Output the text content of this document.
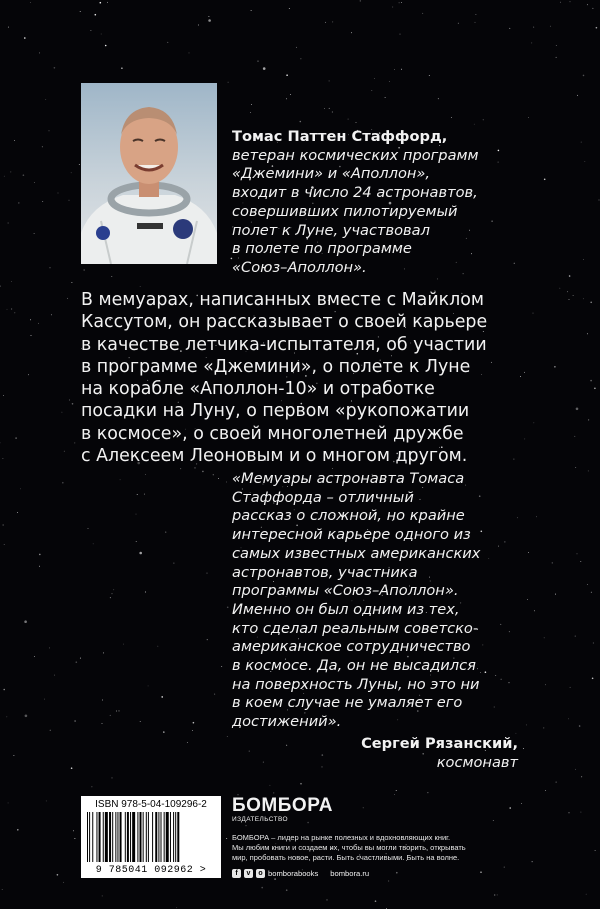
Томас Паттен Стаффорд,
ветеран космических программ
«Джемини» и «Аполлон»,
входит в число 24 астронавтов,
совершивших пилотируемый
полет к Луне, участвовал
в полете по программе
«Союз–Аполлон».
В мемуарах, написанных вместе с Майклом
Кассутом, он рассказывает о своей карьере
в качестве летчика-испытателя, об участии
в программе «Джемини», о полете к Луне
на корабле «Аполлон-10» и отработке
посадки на Луну, о первом «рукопожатии
в космосе», о своей многолетней дружбе
с Алексеем Леоновым и о многом другом.
«Мемуары астронавта Томаса
Стаффорда – отличный
рассказ о сложной, но крайне
интересной карьере одного из
самых известных американских
астронавтов, участника
программы «Союз–Аполлон».
Именно он был одним из тех,
кто сделал реальным советско-
американское сотрудничество
в космосе. Да, он не высадился
на поверхность Луны, но это ни
в коем случае не умаляет его
достижений».
Сергей Рязанский,
космонавт
ISBN 978-5-04-109296-2
9 785041 092962 >
БОМБОРА
ИЗДАТЕЛЬСТВО
БОМБОРА – лидер на рынке полезных и вдохновляющих книг.
Мы любим книги и создаем их, чтобы вы могли творить, открывать
мир, пробовать новое, расти. Быть счастливыми. Быть на волне.
f	v	o bomborabooks bombora.ru
